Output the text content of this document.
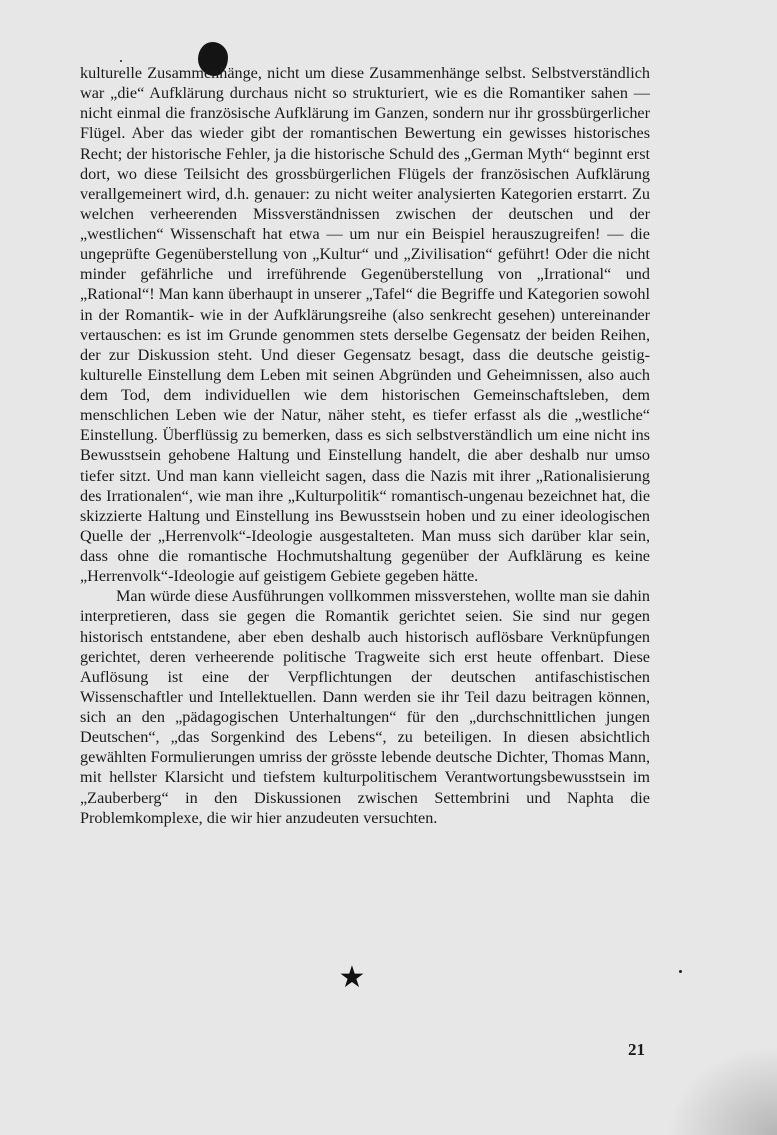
kulturelle Zusammenhänge, nicht um diese Zusammenhänge selbst. Selbstverständlich war „die“ Aufklärung durchaus nicht so strukturiert, wie es die Romantiker sahen — nicht einmal die französische Aufklärung im Ganzen, sondern nur ihr grossbürgerlicher Flügel. Aber das wieder gibt der romantischen Bewertung ein gewisses historisches Recht; der historische Fehler, ja die historische Schuld des „German Myth“ beginnt erst dort, wo diese Teilsicht des grossbürgerlichen Flügels der französischen Aufklärung verallgemeinert wird, d.h. genauer: zu nicht weiter analysierten Kategorien erstarrt. Zu welchen verheerenden Missverständnissen zwischen der deutschen und der „westlichen“ Wissenschaft hat etwa — um nur ein Beispiel herauszugreifen! — die ungeprüfte Gegenüberstellung von „Kultur“ und „Zivilisation“ geführt! Oder die nicht minder gefährliche und irreführende Gegenüberstellung von „Irrational“ und „Rational“! Man kann überhaupt in unserer „Tafel“ die Begriffe und Kategorien sowohl in der Romantik- wie in der Aufklärungsreihe (also senkrecht gesehen) untereinander vertauschen: es ist im Grunde genommen stets derselbe Gegensatz der beiden Reihen, der zur Diskussion steht. Und dieser Gegensatz besagt, dass die deutsche geistig-kulturelle Einstellung dem Leben mit seinen Abgründen und Geheimnissen, also auch dem Tod, dem individuellen wie dem historischen Gemeinschaftsleben, dem menschlichen Leben wie der Natur, näher steht, es tiefer erfasst als die „westliche“ Einstellung. Überflüssig zu bemerken, dass es sich selbstverständlich um eine nicht ins Bewusstsein gehobene Haltung und Einstellung handelt, die aber deshalb nur umso tiefer sitzt. Und man kann vielleicht sagen, dass die Nazis mit ihrer „Rationalisierung des Irrationalen“, wie man ihre „Kulturpolitik“ romantisch-ungenau bezeichnet hat, die skizzierte Haltung und Einstellung ins Bewusstsein hoben und zu einer ideologischen Quelle der „Herrenvolk“-Ideologie ausgestalteten. Man muss sich darüber klar sein, dass ohne die romantische Hochmutshaltung gegenüber der Aufklärung es keine „Herrenvolk“-Ideologie auf geistigem Gebiete gegeben hätte.

Man würde diese Ausführungen vollkommen missverstehen, wollte man sie dahin interpretieren, dass sie gegen die Romantik gerichtet seien. Sie sind nur gegen historisch entstandene, aber eben deshalb auch historisch auflösbare Verknüpfungen gerichtet, deren verheerende politische Tragweite sich erst heute offenbart. Diese Auflösung ist eine der Verpflichtungen der deutschen antifaschistischen Wissenschaftler und Intellektuellen. Dann werden sie ihr Teil dazu beitragen können, sich an den „pädagogischen Unterhaltungen“ für den „durchschnittlichen jungen Deutschen“, „das Sorgenkind des Lebens“, zu beteiligen. In diesen absichtlich gewählten Formulierungen umriss der grösste lebende deutsche Dichter, Thomas Mann, mit hellster Klarsicht und tiefstem kulturpolitischem Verantwortungsbewusstsein im „Zauberberg“ in den Diskussionen zwischen Settembrini und Naphta die Problemkomplexe, die wir hier anzudeuten versuchten.

★
21
